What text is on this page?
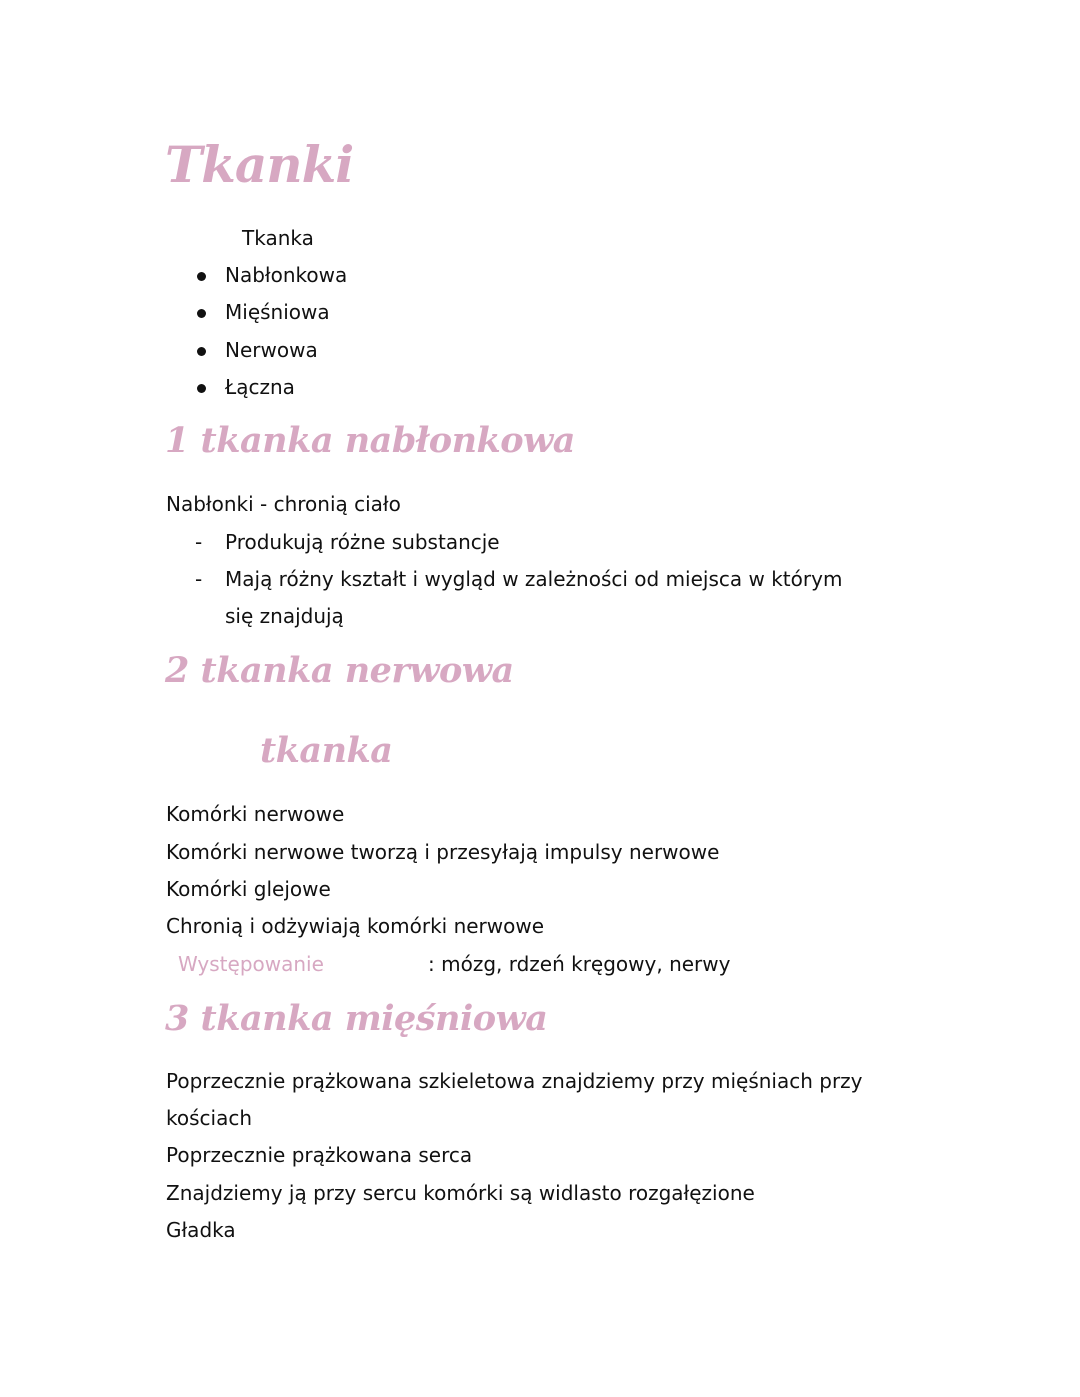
Tkanki
Tkanka
Nabłonkowa
Mięśniowa
Nerwowa
Łączna
1 tkanka nabłonkowa
Nabłonki - chronią ciało
- Produkują różne substancje
- Mają różny kształt i wygląd w zależności od miejsca w którym
się znajdują
2 tkanka nerwowa
tkanka
Komórki nerwowe
Komórki nerwowe tworzą i przesyłają impulsy nerwowe
Komórki glejowe
Chronią i odżywiają komórki nerwowe
Występowanie	: mózg, rdzeń kręgowy, nerwy
3 tkanka mięśniowa
Poprzecznie prążkowana szkieletowa znajdziemy przy mięśniach przy
kościach
Poprzecznie prążkowana serca
Znajdziemy ją przy sercu komórki są widlasto rozgałęzione
Gładka
